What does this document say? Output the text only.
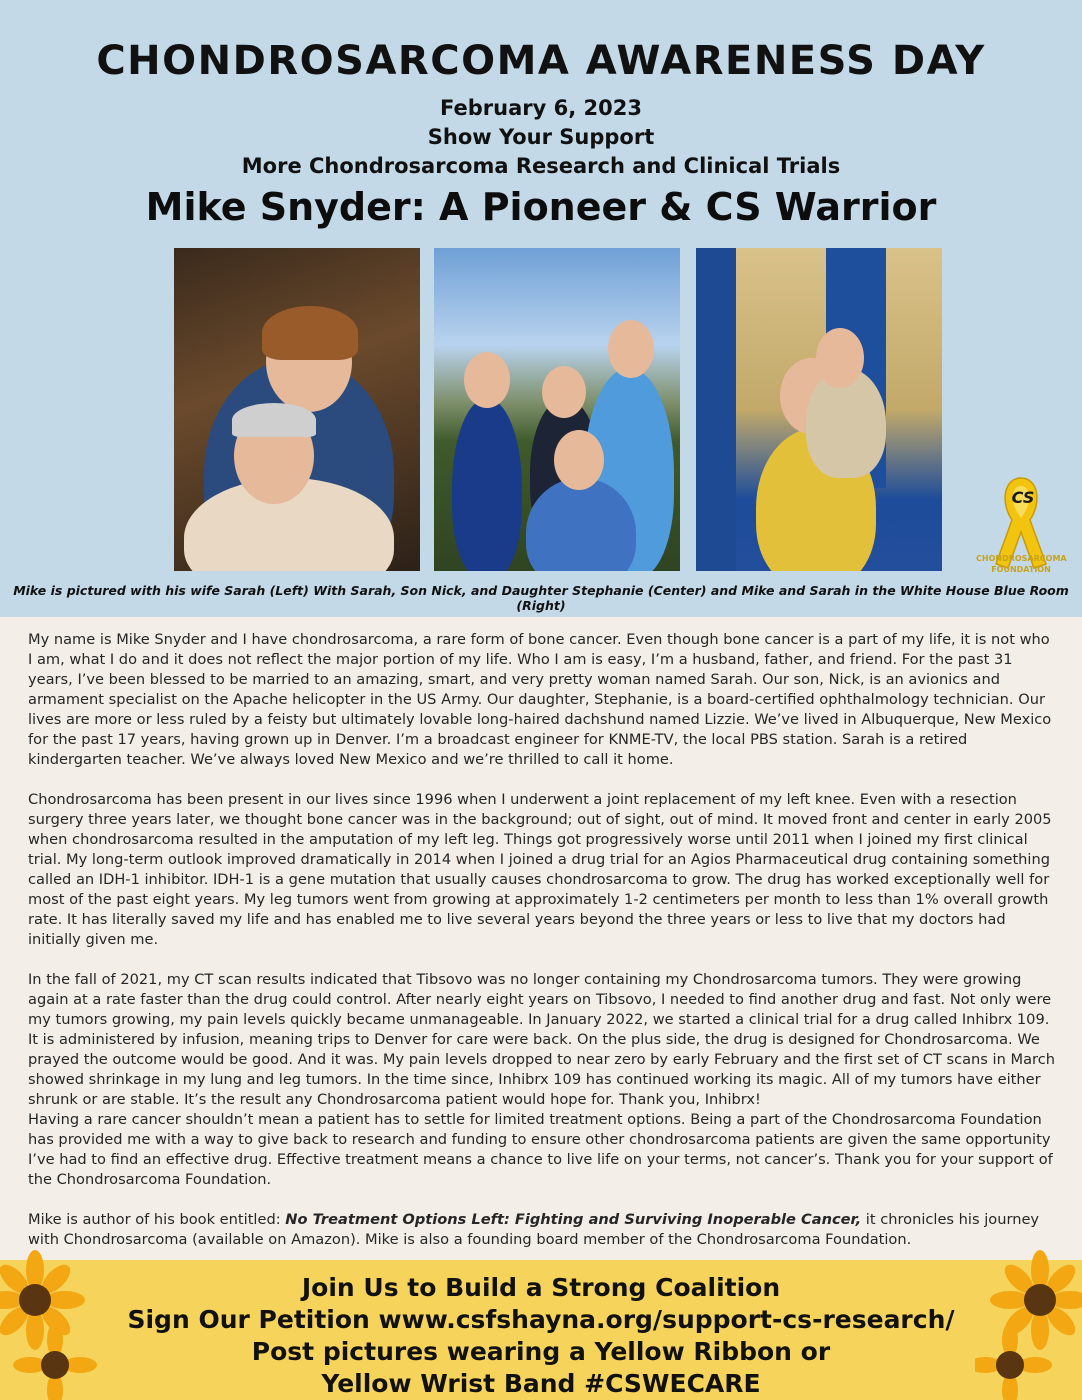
CHONDROSARCOMA AWARENESS DAY
February 6, 2023
Show Your Support
More Chondrosarcoma Research and Clinical Trials
Mike Snyder: A Pioneer & CS Warrior
CS
CHONDROSARCOMA FOUNDATION
Mike is pictured with his wife Sarah (Left) With Sarah, Son Nick, and Daughter Stephanie (Center) and Mike and Sarah in the White House Blue Room (Right)

My name is Mike Snyder and I have chondrosarcoma, a rare form of bone cancer. Even though bone cancer is a part of my life, it is not who I am, what I do and it does not reflect the major portion of my life. Who I am is easy, I’m a husband, father, and friend. For the past 31 years, I’ve been blessed to be married to an amazing, smart, and very pretty woman named Sarah. Our son, Nick, is an avionics and armament specialist on the Apache helicopter in the US Army. Our daughter, Stephanie, is a board-certified ophthalmology technician. Our lives are more or less ruled by a feisty but ultimately lovable long-haired dachshund named Lizzie. We’ve lived in Albuquerque, New Mexico for the past 17 years, having grown up in Denver. I’m a broadcast engineer for KNME-TV, the local PBS station. Sarah is a retired kindergarten teacher. We’ve always loved New Mexico and we’re thrilled to call it home.

Chondrosarcoma has been present in our lives since 1996 when I underwent a joint replacement of my left knee. Even with a resection surgery three years later, we thought bone cancer was in the background; out of sight, out of mind. It moved front and center in early 2005 when chondrosarcoma resulted in the amputation of my left leg. Things got progressively worse until 2011 when I joined my first clinical trial. My long-term outlook improved dramatically in 2014 when I joined a drug trial for an Agios Pharmaceutical drug containing something called an IDH-1 inhibitor. IDH-1 is a gene mutation that usually causes chondrosarcoma to grow. The drug has worked exceptionally well for most of the past eight years. My leg tumors went from growing at approximately 1-2 centimeters per month to less than 1% overall growth rate. It has literally saved my life and has enabled me to live several years beyond the three years or less to live that my doctors had initially given me.

In the fall of 2021, my CT scan results indicated that Tibsovo was no longer containing my Chondrosarcoma tumors. They were growing again at a rate faster than the drug could control. After nearly eight years on Tibsovo, I needed to find another drug and fast. Not only were my tumors growing, my pain levels quickly became unmanageable. In January 2022, we started a clinical trial for a drug called Inhibrx 109. It is administered by infusion, meaning trips to Denver for care were back. On the plus side, the drug is designed for Chondrosarcoma. We prayed the outcome would be good. And it was. My pain levels dropped to near zero by early February and the first set of CT scans in March showed shrinkage in my lung and leg tumors. In the time since, Inhibrx 109 has continued working its magic. All of my tumors have either shrunk or are stable. It’s the result any Chondrosarcoma patient would hope for. Thank you, Inhibrx!

Having a rare cancer shouldn’t mean a patient has to settle for limited treatment options. Being a part of the Chondrosarcoma Foundation has provided me with a way to give back to research and funding to ensure other chondrosarcoma patients are given the same opportunity I’ve had to find an effective drug. Effective treatment means a chance to live life on your terms, not cancer’s. Thank you for your support of the Chondrosarcoma Foundation.

Mike is author of his book entitled: No Treatment Options Left: Fighting and Surviving Inoperable Cancer, it chronicles his journey with Chondrosarcoma (available on Amazon). Mike is also a founding board member of the Chondrosarcoma Foundation.

Join Us to Build a Strong Coalition
Sign Our Petition www.csfshayna.org/support-cs-research/
Post pictures wearing a Yellow Ribbon or
Yellow Wrist Band #CSWECARE
